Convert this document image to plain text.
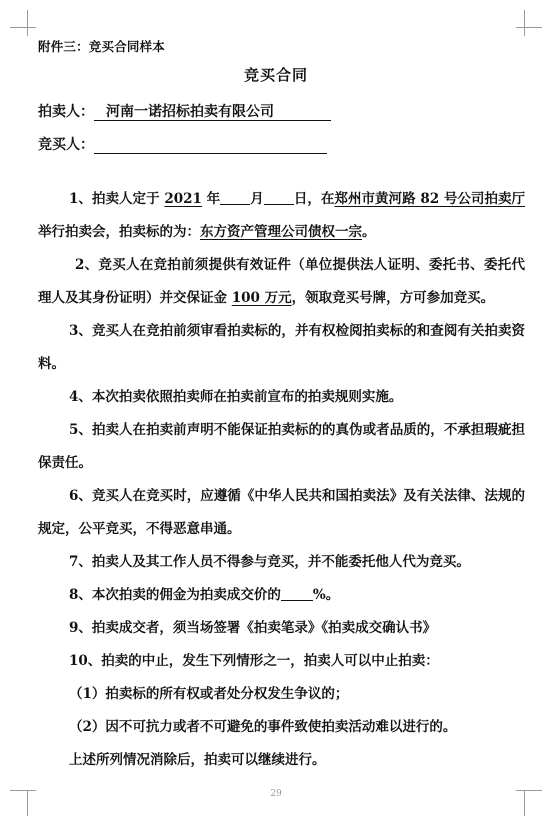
附件三：竞买合同样本
竞买合同
拍卖人： 河南一诺招标拍卖有限公司
竞买人：

1、拍卖人定于 2021 年 月 日，在郑州市黄河路 82 号公司拍卖厅 举行拍卖会，拍卖标的为：东方资产管理公司债权一宗。

2、竞买人在竞拍前须提供有效证件（单位提供法人证明、委托书、委托代理人及其身份证明）并交保证金 100 万元，领取竞买号牌，方可参加竞买。

3、竞买人在竞拍前须审看拍卖标的，并有权检阅拍卖标的和查阅有关拍卖资料。

4、本次拍卖依照拍卖师在拍卖前宣布的拍卖规则实施。

5、拍卖人在拍卖前声明不能保证拍卖标的的真伪或者品质的，不承担瑕疵担保责任。

6、竞买人在竞买时，应遵循《中华人民共和国拍卖法》及有关法律、法规的规定，公平竞买，不得恶意串通。

7、拍卖人及其工作人员不得参与竞买，并不能委托他人代为竞买。

8、本次拍卖的佣金为拍卖成交价的 %。

9、拍卖成交者，须当场签署《拍卖笔录》《拍卖成交确认书》

10、拍卖的中止，发生下列情形之一，拍卖人可以中止拍卖：

（1）拍卖标的所有权或者处分权发生争议的；

（2）因不可抗力或者不可避免的事件致使拍卖活动难以进行的。

上述所列情况消除后，拍卖可以继续进行。

29
